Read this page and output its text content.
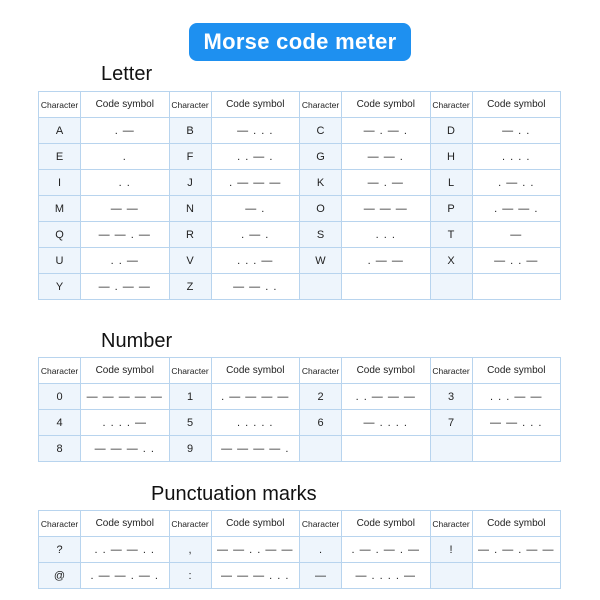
Morse code meter
Letter
Character	Code symbol	Character	Code symbol	Character	Code symbol	Character	Code symbol
A	. —	B	— . . .	C	— . — .	D	— . .
E	.	F	. . — .	G	— — .	H	. . . .
I	. .	J	. — — —	K	— . —	L	. — . .
M	— —	N	— .	O	— — —	P	. — — .
Q	— — . —	R	. — .	S	. . .	T	—
U	. . —	V	. . . —	W	. — —	X	— . . —
Y	— . — —	Z	— — . .				
Number
Character	Code symbol	Character	Code symbol	Character	Code symbol	Character	Code symbol
0	— — — — —	1	. — — — —	2	. . — — —	3	. . . — —
4	. . . . —	5	. . . . .	6	— . . . .	7	— — . . .
8	— — — . .	9	— — — — .				
Punctuation marks
Character	Code symbol	Character	Code symbol	Character	Code symbol	Character	Code symbol
?	. . — — . .	,	— — . . — —	.	. — . — . —	!	— . — . — —
@	. — — . — .	:	— — — . . .	—	— . . . . —		
